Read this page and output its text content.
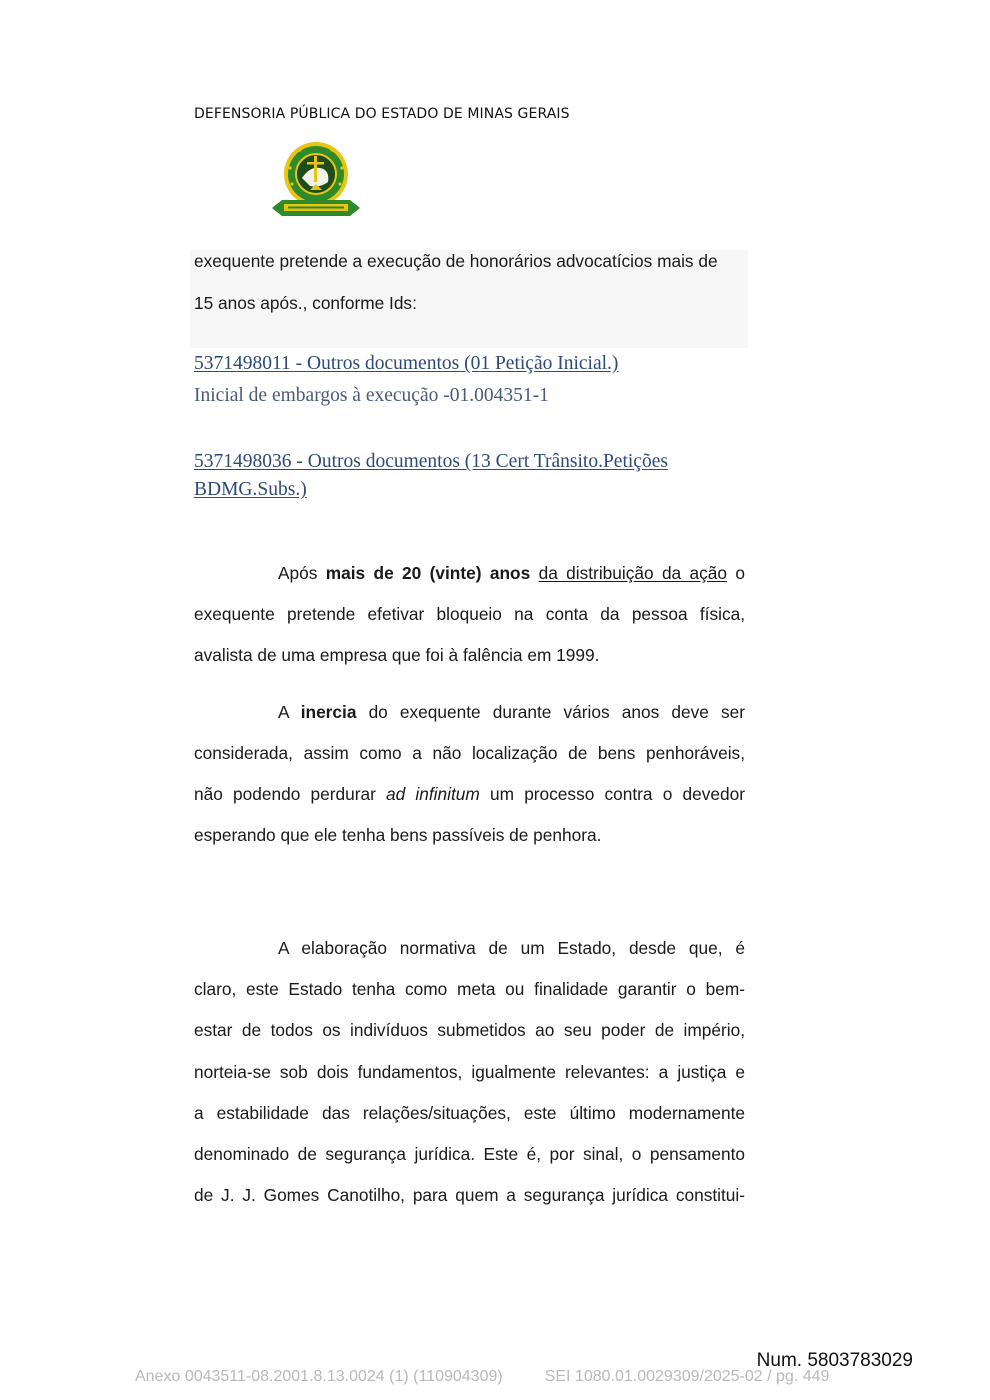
DEFENSORIA PÚBLICA DO ESTADO DE MINAS GERAIS
exequente pretende a execução de honorários advocatícios mais de
15 anos após., conforme Ids:
5371498011 - Outros documentos (01 Petição Inicial.)
Inicial de embargos à execução -01.004351-1
5371498036 - Outros documentos (13 Cert Trânsito.Petições
BDMG.Subs.)
Após mais de 20 (vinte) anos da distribuição da ação o
exequente pretende efetivar bloqueio na conta da pessoa física,
avalista de uma empresa que foi à falência em 1999.
A inercia do exequente durante vários anos deve ser
considerada, assim como a não localização de bens penhoráveis,
não podendo perdurar ad infinitum um processo contra o devedor
esperando que ele tenha bens passíveis de penhora.
A elaboração normativa de um Estado, desde que, é
claro, este Estado tenha como meta ou finalidade garantir o bem-
estar de todos os indivíduos submetidos ao seu poder de império,
norteia-se sob dois fundamentos, igualmente relevantes: a justiça e
a estabilidade das relações/situações, este último modernamente
denominado de segurança jurídica. Este é, por sinal, o pensamento
de J. J. Gomes Canotilho, para quem a segurança jurídica constitui-
Num. 5803783029
Anexo 0043511-08.2001.8.13.0024 (1) (110904309)	SEI 1080.01.0029309/2025-02 / pg. 449
